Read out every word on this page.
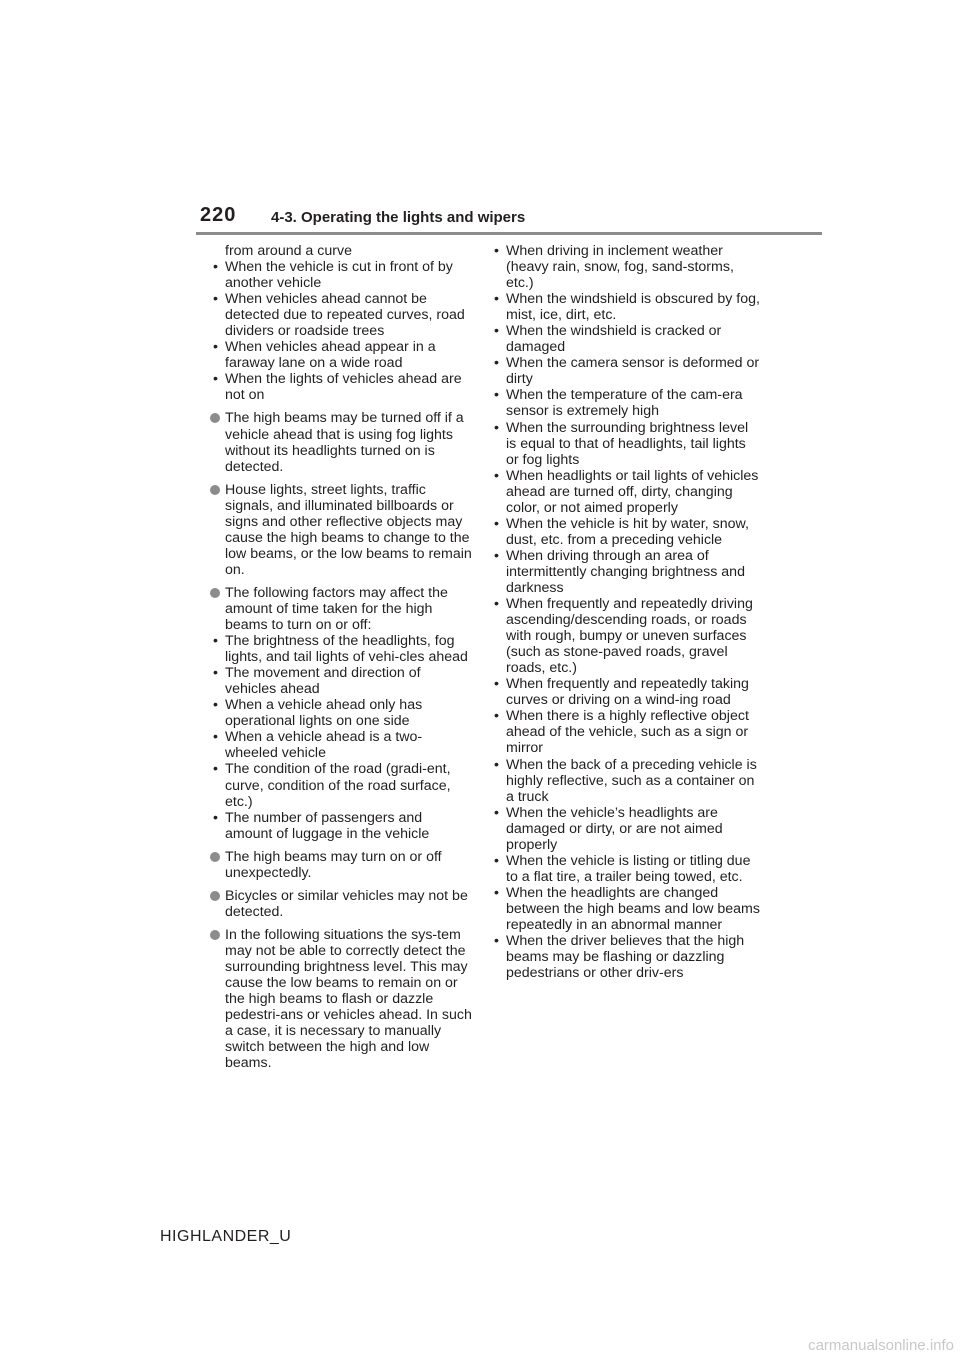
220 4-3. Operating the lights and wipers
from around a curve
• When the vehicle is cut in front of by another vehicle
• When vehicles ahead cannot be detected due to repeated curves, road dividers or roadside trees
• When vehicles ahead appear in a faraway lane on a wide road
• When the lights of vehicles ahead are not on
The high beams may be turned off if a vehicle ahead that is using fog lights without its headlights turned on is detected.
House lights, street lights, traffic signals, and illuminated billboards or signs and other reflective objects may cause the high beams to change to the low beams, or the low beams to remain on.
The following factors may affect the amount of time taken for the high beams to turn on or off:
• The brightness of the headlights, fog lights, and tail lights of vehi-cles ahead
• The movement and direction of vehicles ahead
• When a vehicle ahead only has operational lights on one side
• When a vehicle ahead is a two-wheeled vehicle
• The condition of the road (gradi-ent, curve, condition of the road surface, etc.)
• The number of passengers and amount of luggage in the vehicle
The high beams may turn on or off unexpectedly.
Bicycles or similar vehicles may not be detected.
In the following situations the sys-tem may not be able to correctly detect the surrounding brightness level. This may cause the low beams to remain on or the high beams to flash or dazzle pedestri-ans or vehicles ahead. In such a case, it is necessary to manually switch between the high and low beams.
• When driving in inclement weather (heavy rain, snow, fog, sand-storms, etc.)
• When the windshield is obscured by fog, mist, ice, dirt, etc.
• When the windshield is cracked or damaged
• When the camera sensor is deformed or dirty
• When the temperature of the cam-era sensor is extremely high
• When the surrounding brightness level is equal to that of headlights, tail lights or fog lights
• When headlights or tail lights of vehicles ahead are turned off, dirty, changing color, or not aimed properly
• When the vehicle is hit by water, snow, dust, etc. from a preceding vehicle
• When driving through an area of intermittently changing brightness and darkness
• When frequently and repeatedly driving ascending/descending roads, or roads with rough, bumpy or uneven surfaces (such as stone-paved roads, gravel roads, etc.)
• When frequently and repeatedly taking curves or driving on a wind-ing road
• When there is a highly reflective object ahead of the vehicle, such as a sign or mirror
• When the back of a preceding vehicle is highly reflective, such as a container on a truck
• When the vehicle’s headlights are damaged or dirty, or are not aimed properly
• When the vehicle is listing or titling due to a flat tire, a trailer being towed, etc.
• When the headlights are changed between the high beams and low beams repeatedly in an abnormal manner
• When the driver believes that the high beams may be flashing or dazzling pedestrians or other driv-ers
HIGHLANDER_U
carmanualsonline.info
